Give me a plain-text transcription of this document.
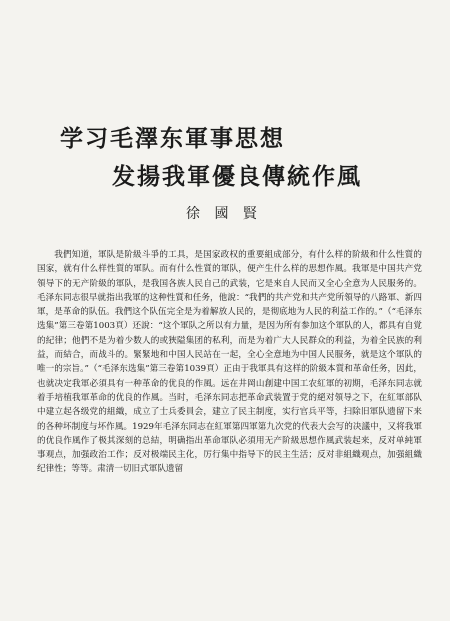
学习毛澤东軍事思想
发揚我軍優良傳統作風
徐 國 賢

我們知道，軍队是阶級斗爭的工具，是国家政权的重要組成部分，有什么样的阶級和什么性質的国家，就有什么样性質的軍队。而有什么性質的軍队，便产生什么样的思想作風。我軍是中国共产党領导下的无产阶級的軍队，是我国各族人民自己的武装，它是來自人民而又全心全意为人民服务的。毛泽东同志很早就指出我軍的这种性質和任务，他說：“我們的共产党和共产党所領导的八路軍、新四軍，是革命的队伍。我們这个队伍完全是为着解放人民的，是彻底地为人民的利益工作的。”（“毛泽东选集”第三卷第1003頁）还說：“这个軍队之所以有力量，是因为所有参加这个軍队的人，都具有自覚的紀律；他們不是为着少数人的或狹隘集团的私利，而是为着广大人民群众的利益，为着全民族的利益，而結合，而战斗的。緊緊地和中国人民站在一起，全心全意地为中国人民服务，就是这个軍队的唯一的宗旨。”（“毛泽东选集”第三卷第1039頁）正由于我軍具有这样的阶級本質和革命任务，因此，也就决定我軍必須具有一种革命的优良的作風。远在井岡山創建中国工农紅軍的初期，毛泽东同志就着手培植我軍革命的优良的作風。当时，毛泽东同志把革命武装置于党的絕对領导之下，在紅軍部队中建立起各级党的組織，成立了士兵委員会，建立了民主制度，实行官兵平等，扫除旧軍队遗留下来的各种坏制度与坏作風。1929年毛泽东同志在紅軍第四軍第九次党的代表大会写的决議中，又将我軍的优良作風作了极其深刻的总結，明确指出革命軍队必須用无产阶級思想作風武装起来，反对单純軍事观点，加强政治工作；反对极端民主化，厉行集中指导下的民主生活；反对非組織观点，加强組織纪律性；等等。肃清一切旧式軍队遗留
